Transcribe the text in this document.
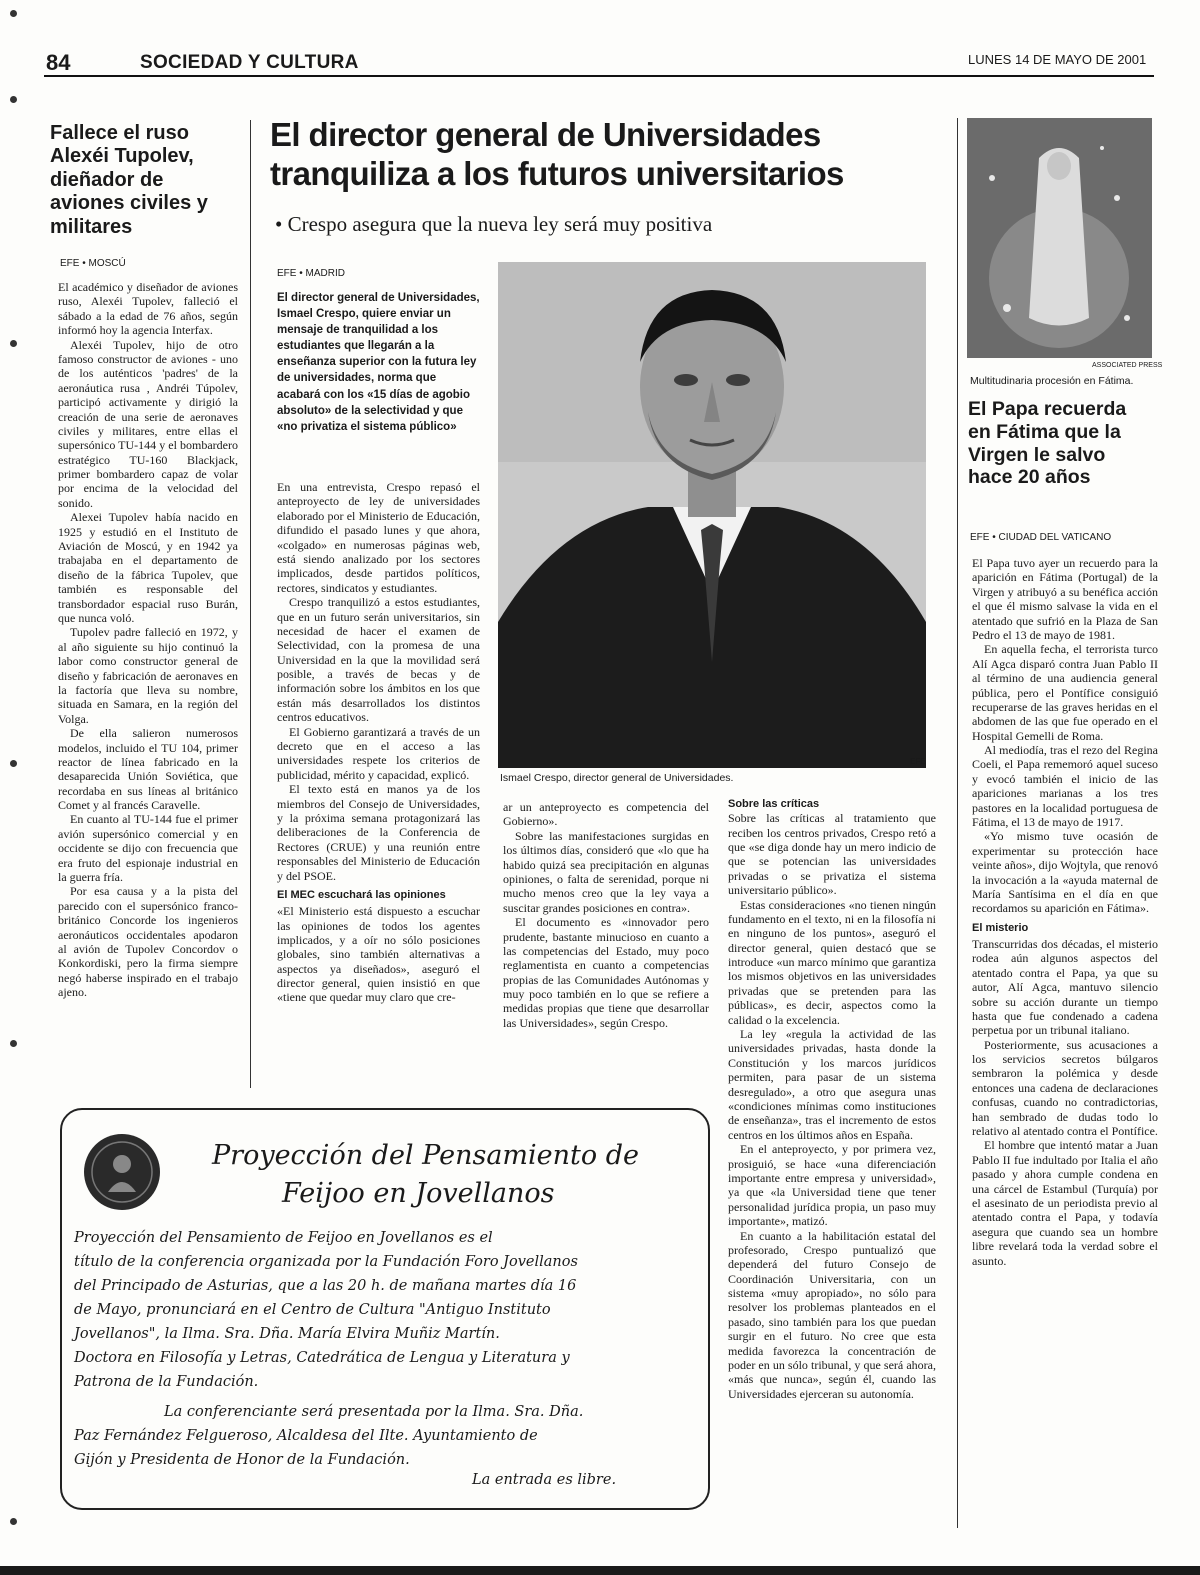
84	SOCIEDAD Y CULTURA	LUNES 14 DE MAYO DE 2001
Fallece el ruso Alexéi Tupolev, dieñador de aviones civiles y militares
EFE • MOSCÚ

El académico y diseñador de aviones ruso, Alexéi Tupolev, falleció el sábado a la edad de 76 años, según informó hoy la agencia Interfax.

Alexéi Tupolev, hijo de otro famoso constructor de aviones - uno de los auténticos 'padres' de la aeronáutica rusa , Andréi Túpolev, participó activamente y dirigió la creación de una serie de aeronaves civiles y militares, entre ellas el supersónico TU-144 y el bombardero estratégico TU-160 Blackjack, primer bombardero capaz de volar por encima de la velocidad del sonido.

Alexei Tupolev había nacido en 1925 y estudió en el Instituto de Aviación de Moscú, y en 1942 ya trabajaba en el departamento de diseño de la fábrica Tupolev, que también es responsable del transbordador espacial ruso Burán, que nunca voló.

Tupolev padre falleció en 1972, y al año siguiente su hijo continuó la labor como constructor general de diseño y fabricación de aeronaves en la factoría que lleva su nombre, situada en Samara, en la región del Volga.

De ella salieron numerosos modelos, incluido el TU 104, primer reactor de línea fabricado en la desaparecida Unión Soviética, que recordaba en sus líneas al británico Comet y al francés Caravelle.

En cuanto al TU-144 fue el primer avión supersónico comercial y en occidente se dijo con frecuencia que era fruto del espionaje industrial en la guerra fría.

Por esa causa y a la pista del parecido con el supersónico franco-británico Concorde los ingenieros aeronáuticos occidentales apodaron al avión de Tupolev Concordov o Konkordiski, pero la firma siempre negó haberse inspirado en el trabajo ajeno.

El director general de Universidades tranquiliza a los futuros universitarios
• Crespo asegura que la nueva ley será muy positiva
EFE • MADRID
El director general de Universidades, Ismael Crespo, quiere enviar un mensaje de tranquilidad a los estudiantes que llegarán a la enseñanza superior con la futura ley de universidades, norma que acabará con los «15 días de agobio absoluto» de la selectividad y que «no privatiza el sistema público»
EFE
Ismael Crespo, director general de Universidades.

En una entrevista, Crespo repasó el anteproyecto de ley de universidades elaborado por el Ministerio de Educación, difundido el pasado lunes y que ahora, «colgado» en numerosas páginas web, está siendo analizado por los sectores implicados, desde partidos políticos, rectores, sindicatos y estudiantes.

Crespo tranquilizó a estos estudiantes, que en un futuro serán universitarios, sin necesidad de hacer el examen de Selectividad, con la promesa de una Universidad en la que la movilidad será posible, a través de becas y de información sobre los ámbitos en los que están más desarrollados los distintos centros educativos.

El Gobierno garantizará a través de un decreto que en el acceso a las universidades respete los criterios de publicidad, mérito y capacidad, explicó.

El texto está en manos ya de los miembros del Consejo de Universidades, y la próxima semana protagonizará las deliberaciones de la Conferencia de Rectores (CRUE) y una reunión entre responsables del Ministerio de Educación y del PSOE.

El MEC escuchará las opiniones

«El Ministerio está dispuesto a escuchar las opiniones de todos los agentes implicados, y a oír no sólo posiciones globales, sino también alternativas a aspectos ya diseñados», aseguró el director general, quien insistió en que «tiene que quedar muy claro que cre-

ar un anteproyecto es competencia del Gobierno».

Sobre las manifestaciones surgidas en los últimos días, consideró que «lo que ha habido quizá sea precipitación en algunas opiniones, o falta de serenidad, porque ni mucho menos creo que la ley vaya a suscitar grandes posiciones en contra».

El documento es «innovador pero prudente, bastante minucioso en cuanto a las competencias del Estado, muy poco reglamentista en cuanto a competencias propias de las Comunidades Autónomas y muy poco también en lo que se refiere a medidas propias que tiene que desarrollar las Universidades», según Crespo.

Sobre las críticas

Sobre las críticas al tratamiento que reciben los centros privados, Crespo retó a que «se diga donde hay un mero indicio de que se potencian las universidades privadas o se privatiza el sistema universitario público».

Estas consideraciones «no tienen ningún fundamento en el texto, ni en la filosofía ni en ninguno de los puntos», aseguró el director general, quien destacó que se introduce «un marco mínimo que garantiza los mismos objetivos en las universidades privadas que se pretenden para las públicas», es decir, aspectos como la calidad o la excelencia.

La ley «regula la actividad de las universidades privadas, hasta donde la Constitución y los marcos jurídicos permiten, para pasar de un sistema desregulado», a otro que asegura unas «condiciones mínimas como instituciones de enseñanza», tras el incremento de estos centros en los últimos años en España.

En el anteproyecto, y por primera vez, prosiguió, se hace «una diferenciación importante entre empresa y universidad», ya que «la Universidad tiene que tener personalidad jurídica propia, un paso muy importante», matizó.

En cuanto a la habilitación estatal del profesorado, Crespo puntualizó que dependerá del futuro Consejo de Coordinación Universitaria, con un sistema «muy apropiado», no sólo para resolver los problemas planteados en el pasado, sino también para los que puedan surgir en el futuro. No cree que esta medida favorezca la concentración de poder en un sólo tribunal, y que será ahora, «más que nunca», según él, cuando las Universidades ejerceran su autonomía.

Proyección del Pensamiento de
Feijoo en Jovellanos
Proyección del Pensamiento de Feijoo en Jovellanos es el
título de la conferencia organizada por la Fundación Foro Jovellanos
del Principado de Asturias, que a las 20 h. de mañana martes día 16
de Mayo, pronunciará en el Centro de Cultura "Antiguo Instituto
Jovellanos", la Ilma. Sra. Dña. María Elvira Muñiz Martín.
Doctora en Filosofía y Letras, Catedrática de Lengua y Literatura y
Patrona de la Fundación.
La conferenciante será presentada por la Ilma. Sra. Dña.
Paz Fernández Felgueroso, Alcaldesa del Ilte. Ayuntamiento de
Gijón y Presidenta de Honor de la Fundación.
La entrada es libre.
ASSOCIATED PRESS
Multitudinaria procesión en Fátima.
El Papa recuerda en Fátima que la Virgen le salvo hace 20 años
EFE • CIUDAD DEL VATICANO

El Papa tuvo ayer un recuerdo para la aparición en Fátima (Portugal) de la Virgen y atribuyó a su benéfica acción el que él mismo salvase la vida en el atentado que sufrió en la Plaza de San Pedro el 13 de mayo de 1981.

En aquella fecha, el terrorista turco Alí Agca disparó contra Juan Pablo II al término de una audiencia general pública, pero el Pontífice consiguió recuperarse de las graves heridas en el abdomen de las que fue operado en el Hospital Gemelli de Roma.

Al mediodía, tras el rezo del Regina Coeli, el Papa rememoró aquel suceso y evocó también el inicio de las apariciones marianas a los tres pastores en la localidad portuguesa de Fátima, el 13 de mayo de 1917.

«Yo mismo tuve ocasión de experimentar su protección hace veinte años», dijo Wojtyla, que renovó la invocación a la «ayuda maternal de María Santísima en el día en que recordamos su aparición en Fátima».

El misterio

Transcurridas dos décadas, el misterio rodea aún algunos aspectos del atentado contra el Papa, ya que su autor, Alí Agca, mantuvo silencio sobre su acción durante un tiempo hasta que fue condenado a cadena perpetua por un tribunal italiano.

Posteriormente, sus acusaciones a los servicios secretos búlgaros sembraron la polémica y desde entonces una cadena de declaraciones confusas, cuando no contradictorias, han sembrado de dudas todo lo relativo al atentado contra el Pontífice.

El hombre que intentó matar a Juan Pablo II fue indultado por Italia el año pasado y ahora cumple condena en una cárcel de Estambul (Turquía) por el asesinato de un periodista previo al atentado contra el Papa, y todavía asegura que cuando sea un hombre libre revelará toda la verdad sobre el asunto.
